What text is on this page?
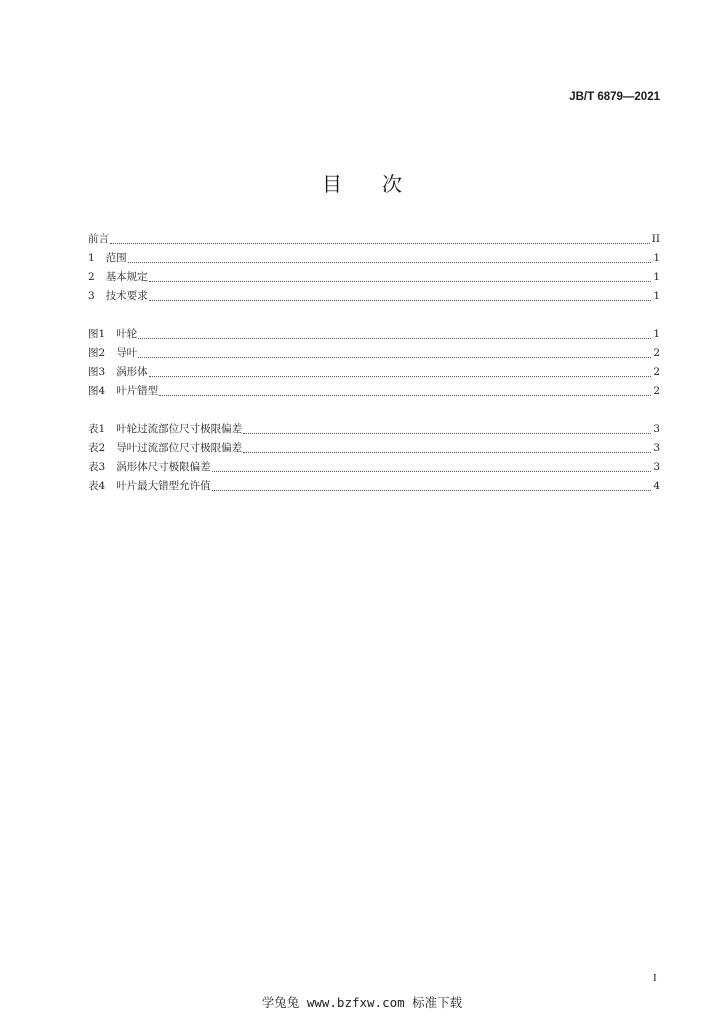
JB/T 6879—2021
目　次
前言	II
1 范围	1
2 基本规定	1
3 技术要求	1
图1 叶轮	1
图2 导叶	2
图3 涡形体	2
图4 叶片错型	2
表1 叶轮过流部位尺寸极限偏差	3
表2 导叶过流部位尺寸极限偏差	3
表3 涡形体尺寸极限偏差	3
表4 叶片最大错型允许值	4
I
学兔兔 www.bzfxw.com 标准下载
